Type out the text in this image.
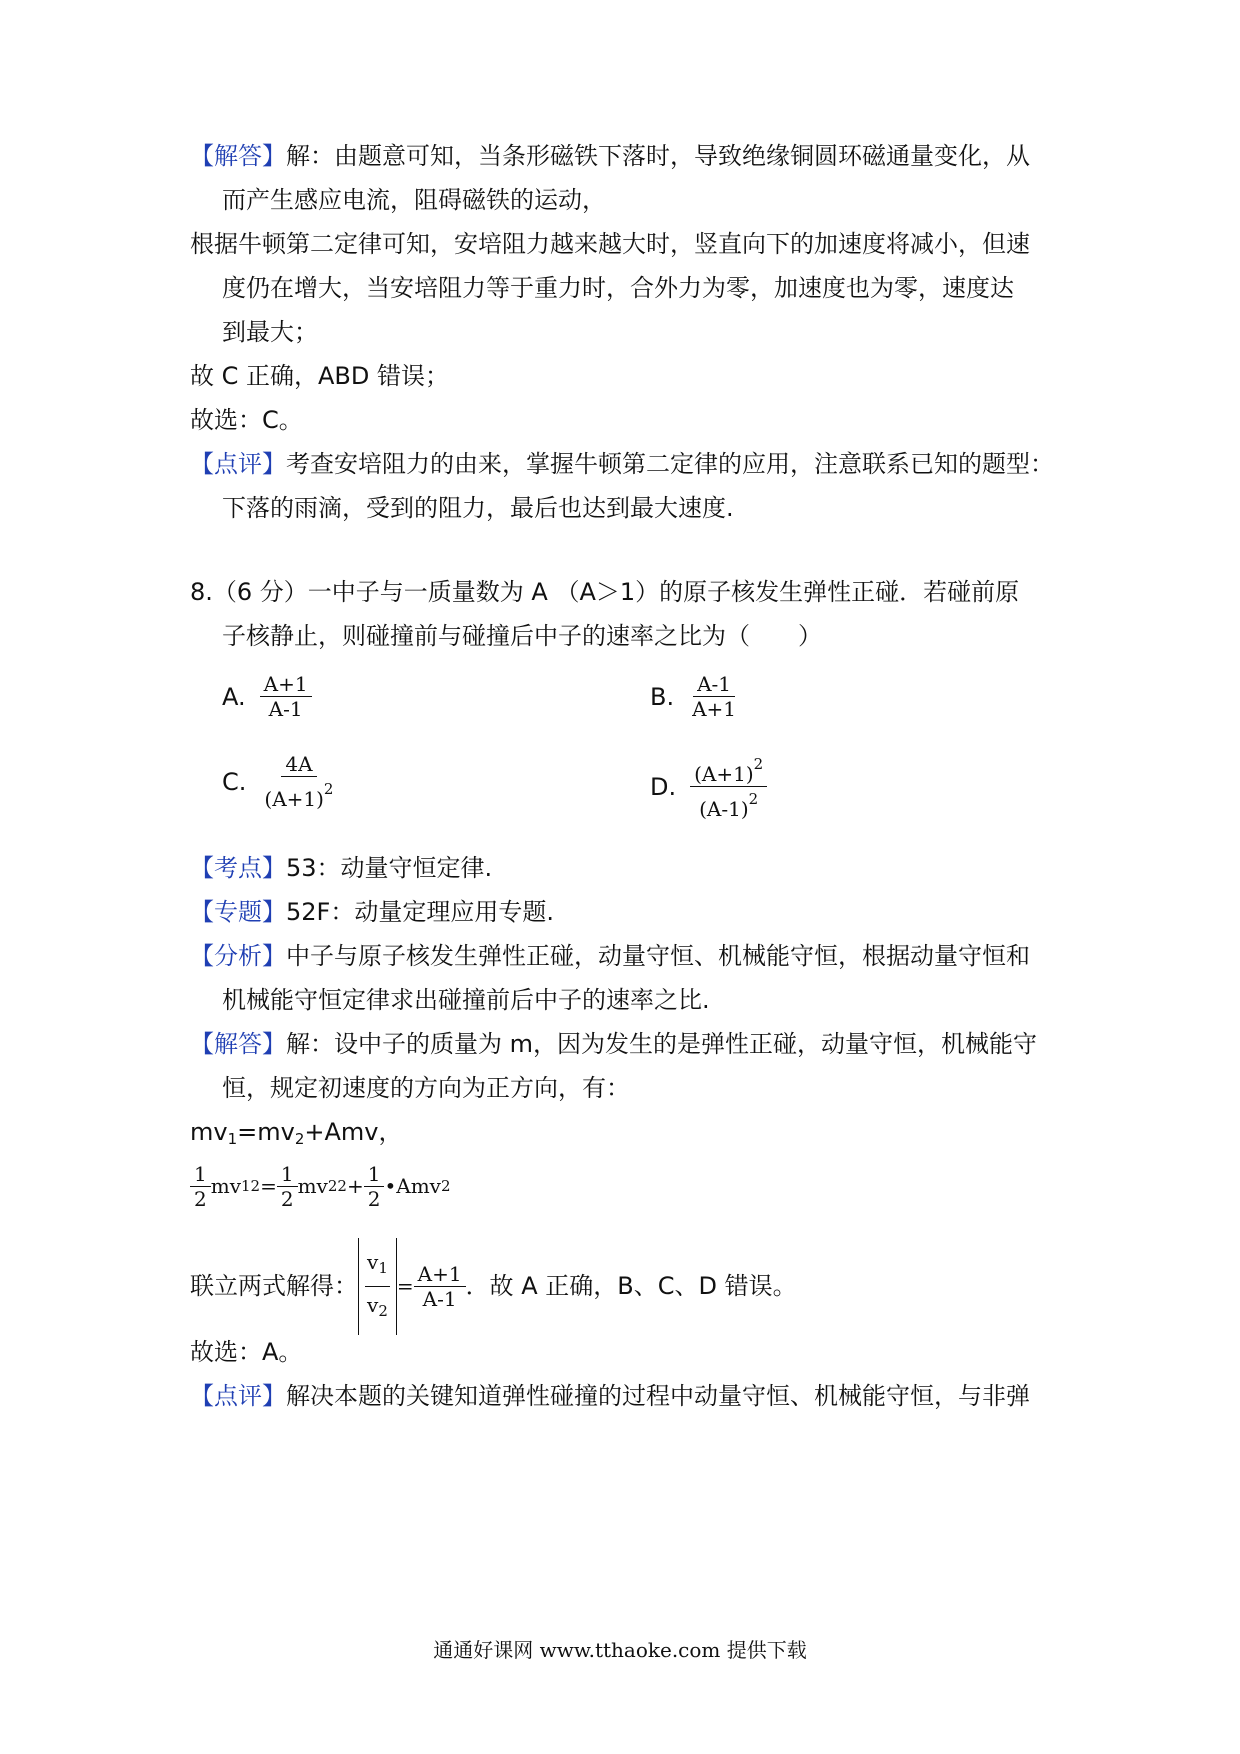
【解答】解：由题意可知，当条形磁铁下落时，导致绝缘铜圆环磁通量变化，从
而产生感应电流，阻碍磁铁的运动，
根据牛顿第二定律可知，安培阻力越来越大时，竖直向下的加速度将减小，但速
度仍在增大，当安培阻力等于重力时，合外力为零，加速度也为零，速度达
到最大；
故 C 正确，ABD 错误；
故选：C。
【点评】考查安培阻力的由来，掌握牛顿第二定律的应用，注意联系已知的题型：
下落的雨滴，受到的阻力，最后也达到最大速度.
8.（6 分）一中子与一质量数为 A （A＞1）的原子核发生弹性正碰．若碰前原
子核静止，则碰撞前与碰撞后中子的速率之比为（　　）
A. $\frac{A+1}{A-1}$	B. $\frac{A-1}{A+1}$
C. $\frac{4A}{(A+1)^2}$	D. $\frac{(A+1)^2}{(A-1)^2}$
【考点】53：动量守恒定律.
【专题】52F：动量定理应用专题.
【分析】中子与原子核发生弹性正碰，动量守恒、机械能守恒，根据动量守恒和
机械能守恒定律求出碰撞前后中子的速率之比.
【解答】解：设中子的质量为 m，因为发生的是弹性正碰，动量守恒，机械能守
恒，规定初速度的方向为正方向，有：
$mv_1=mv_2+Amv$，
$\frac{1}{2}$ mv 1 $2 = \frac{1}{2}$ mv 2 $2 + \frac{1}{2}$ •Amv 2
联立两式解得： $\frac{v_1}{v_2} = \frac{A+1}{A-1}$ ．故 A 正确，B、C、D 错误。
故选：A。
【点评】解决本题的关键知道弹性碰撞的过程中动量守恒、机械能守恒，与非弹
通通好课网 www.tthaoke.com 提供下载
